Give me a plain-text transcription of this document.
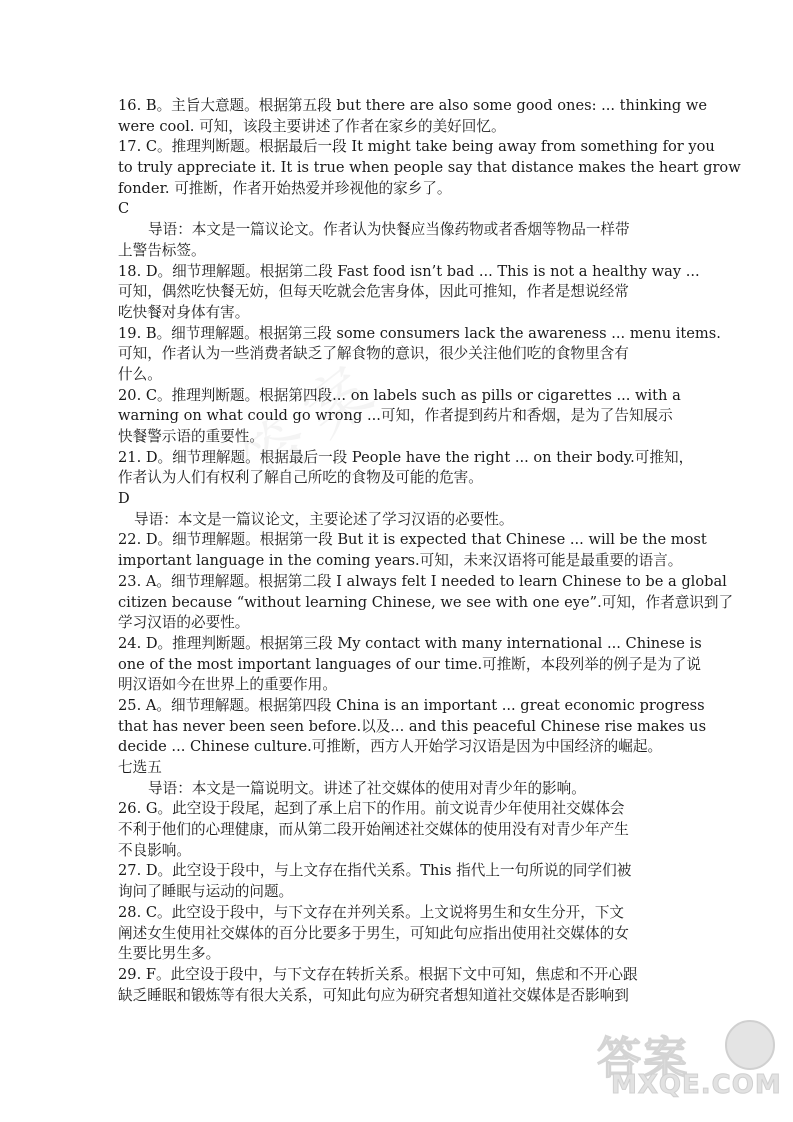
16. B。主旨大意题。根据第五段 but there are also some good ones: ... thinking we
were cool. 可知，该段主要讲述了作者在家乡的美好回忆。
17. C。推理判断题。根据最后一段 It might take being away from something for you
to truly appreciate it. It is true when people say that distance makes the heart grow
fonder. 可推断，作者开始热爱并珍视他的家乡了。
C
导语：本文是一篇议论文。作者认为快餐应当像药物或者香烟等物品一样带
上警告标签。
18. D。细节理解题。根据第二段 Fast food isn’t bad ... This is not a healthy way ...
可知，偶然吃快餐无妨，但每天吃就会危害身体，因此可推知，作者是想说经常
吃快餐对身体有害。
19. B。细节理解题。根据第三段 some consumers lack the awareness ... menu items.
可知，作者认为一些消费者缺乏了解食物的意识，很少关注他们吃的食物里含有
什么。
20. C。推理判断题。根据第四段... on labels such as pills or cigarettes ... with a
warning on what could go wrong ...可知，作者提到药片和香烟，是为了告知展示
快餐警示语的重要性。
21. D。细节理解题。根据最后一段 People have the right ... on their body.可推知，
作者认为人们有权利了解自己所吃的食物及可能的危害。
D
导语：本文是一篇议论文，主要论述了学习汉语的必要性。
22. D。细节理解题。根据第一段 But it is expected that Chinese ... will be the most
important language in the coming years.可知，未来汉语将可能是最重要的语言。
23. A。细节理解题。根据第二段 I always felt I needed to learn Chinese to be a global
citizen because “without learning Chinese, we see with one eye”.可知，作者意识到了
学习汉语的必要性。
24. D。推理判断题。根据第三段 My contact with many international ... Chinese is
one of the most important languages of our time.可推断，本段列举的例子是为了说
明汉语如今在世界上的重要作用。
25. A。细节理解题。根据第四段 China is an important ... great economic progress
that has never been seen before.以及... and this peaceful Chinese rise makes us
decide ... Chinese culture.可推断，西方人开始学习汉语是因为中国经济的崛起。
七选五
导语：本文是一篇说明文。讲述了社交媒体的使用对青少年的影响。
26. G。此空设于段尾，起到了承上启下的作用。前文说青少年使用社交媒体会
不利于他们的心理健康，而从第二段开始阐述社交媒体的使用没有对青少年产生
不良影响。
27. D。此空设于段中，与上文存在指代关系。This 指代上一句所说的同学们被
询问了睡眠与运动的问题。
28. C。此空设于段中，与下文存在并列关系。上文说将男生和女生分开，下文
阐述女生使用社交媒体的百分比要多于男生，可知此句应指出使用社交媒体的女
生要比男生多。
29. F。此空设于段中，与下文存在转折关系。根据下文中可知，焦虑和不开心跟
缺乏睡眠和锻炼等有很大关系，可知此句应为研究者想知道社交媒体是否影响到
答案
MXQE.COM
